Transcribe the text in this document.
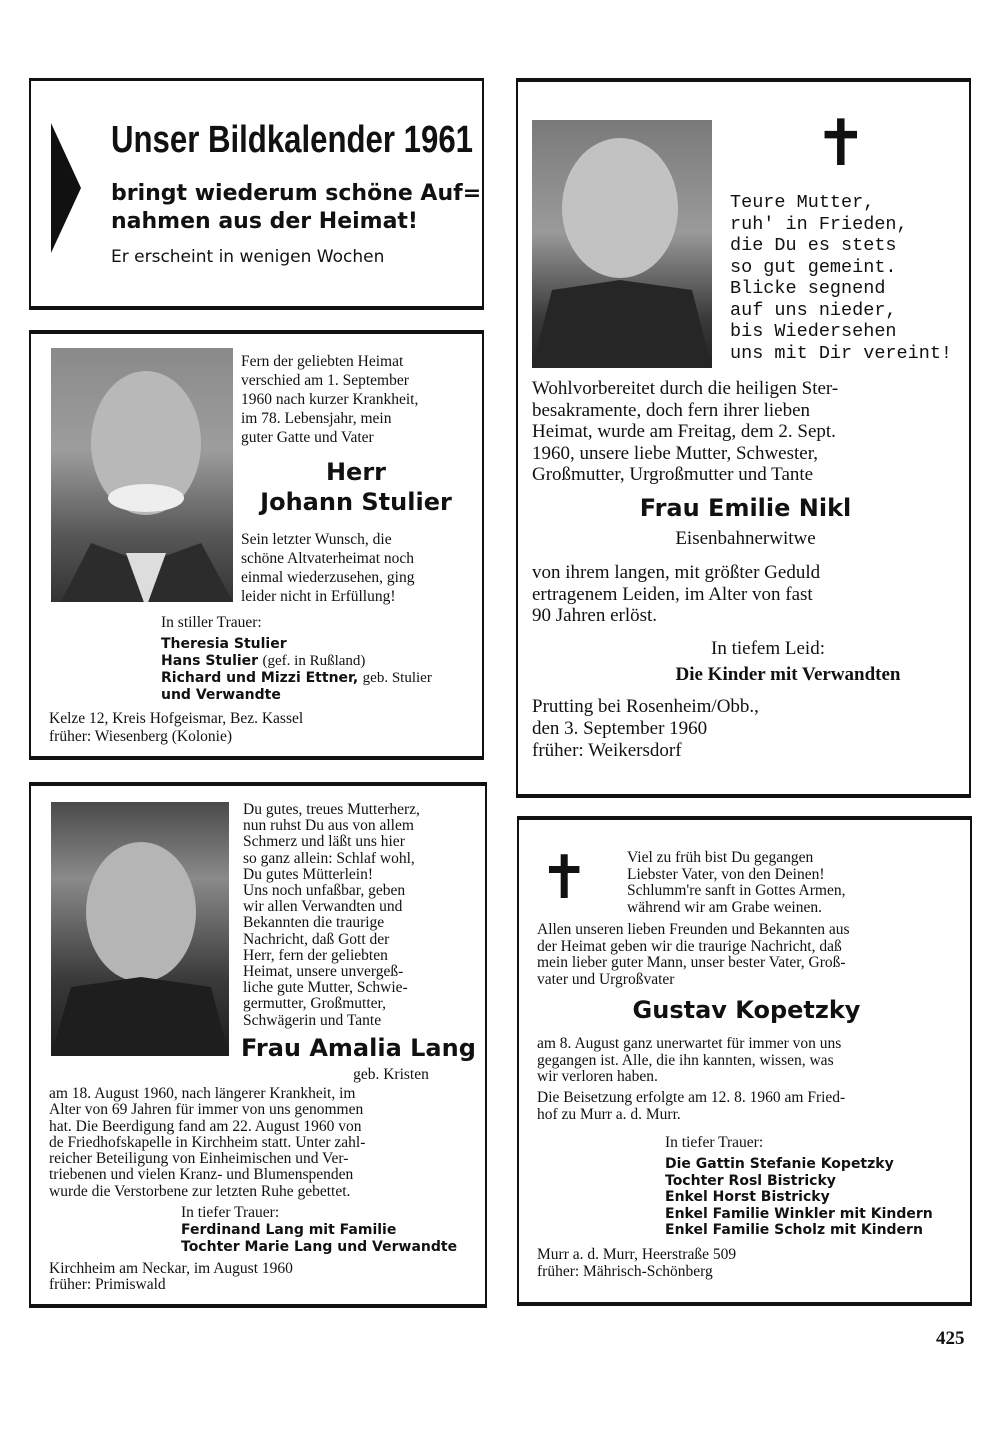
Unser Bildkalender 1961
bringt wiederum schöne Auf=
nahmen aus der Heimat!
Er erscheint in wenigen Wochen
Fern der geliebten Heimat
verschied am 1. September
1960 nach kurzer Krankheit,
im 78. Lebensjahr, mein
guter Gatte und Vater
Herr
Johann Stulier
Sein letzter Wunsch, die
schöne Altvaterheimat noch
einmal wiederzusehen, ging
leider nicht in Erfüllung!
In stiller Trauer:
Theresia Stulier
Hans Stulier (gef. in Rußland)
Richard und Mizzi Ettner, geb. Stulier
und Verwandte
Kelze 12, Kreis Hofgeismar, Bez. Kassel
früher: Wiesenberg (Kolonie)
✝
Teure Mutter,
ruh' in Frieden,
die Du es stets
so gut gemeint.
Blicke segnend
auf uns nieder,
bis Wiedersehen
uns mit Dir vereint!
Wohlvorbereitet durch die heiligen Ster-
besakramente, doch fern ihrer lieben
Heimat, wurde am Freitag, dem 2. Sept.
1960, unsere liebe Mutter, Schwester,
Großmutter, Urgroßmutter und Tante
Frau Emilie Nikl
Eisenbahnerwitwe
von ihrem langen, mit größter Geduld
ertragenem Leiden, im Alter von fast
90 Jahren erlöst.
In tiefem Leid:
Die Kinder mit Verwandten
Prutting bei Rosenheim/Obb.,
den 3. September 1960
früher: Weikersdorf
Du gutes, treues Mutterherz,
nun ruhst Du aus von allem
Schmerz und läßt uns hier
so ganz allein: Schlaf wohl,
Du gutes Mütterlein!
Uns noch unfaßbar, geben
wir allen Verwandten und
Bekannten die traurige
Nachricht, daß Gott der
Herr, fern der geliebten
Heimat, unsere unvergeß-
liche gute Mutter, Schwie-
germutter, Großmutter,
Schwägerin und Tante
Frau Amalia Lang
geb. Kristen
am 18. August 1960, nach längerer Krankheit, im
Alter von 69 Jahren für immer von uns genommen
hat. Die Beerdigung fand am 22. August 1960 von
de Friedhofskapelle in Kirchheim statt. Unter zahl-
reicher Beteiligung von Einheimischen und Ver-
triebenen und vielen Kranz- und Blumenspenden
wurde die Verstorbene zur letzten Ruhe gebettet.
In tiefer Trauer:
Ferdinand Lang mit Familie
Tochter Marie Lang und Verwandte
Kirchheim am Neckar, im August 1960
früher: Primiswald
✝ Viel zu früh bist Du gegangen
Liebster Vater, von den Deinen!
Schlumm're sanft in Gottes Armen,
während wir am Grabe weinen.
Allen unseren lieben Freunden und Bekannten aus
der Heimat geben wir die traurige Nachricht, daß
mein lieber guter Mann, unser bester Vater, Groß-
vater und Urgroßvater
Gustav Kopetzky
am 8. August ganz unerwartet für immer von uns
gegangen ist. Alle, die ihn kannten, wissen, was
wir verloren haben.
Die Beisetzung erfolgte am 12. 8. 1960 am Fried-
hof zu Murr a. d. Murr.
In tiefer Trauer:
Die Gattin Stefanie Kopetzky
Tochter Rosl Bistricky
Enkel Horst Bistricky
Enkel Familie Winkler mit Kindern
Enkel Familie Scholz mit Kindern
Murr a. d. Murr, Heerstraße 509
früher: Mährisch-Schönberg
425
